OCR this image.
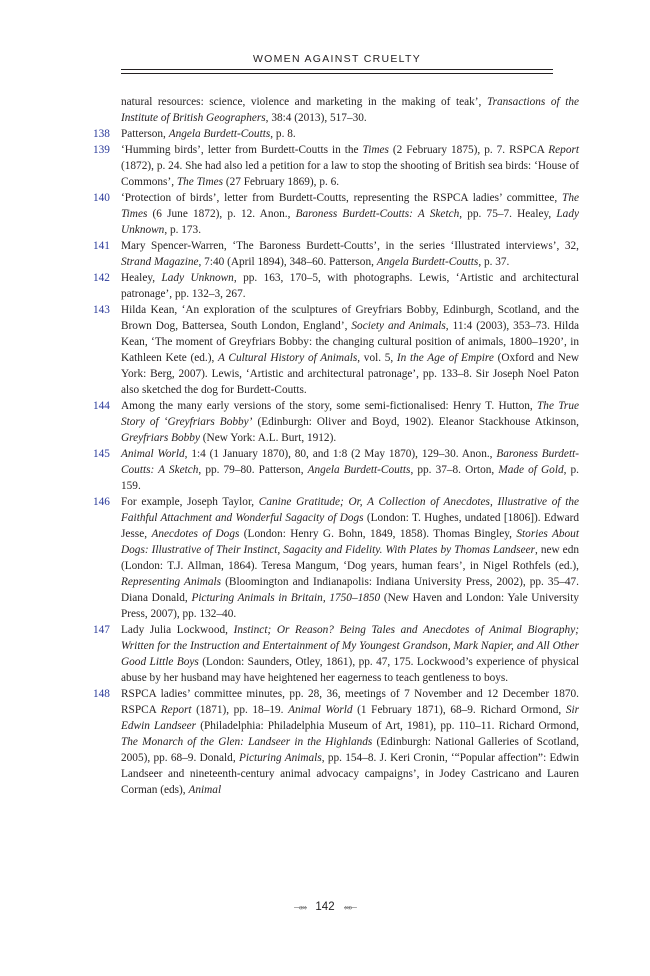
WOMEN AGAINST CRUELTY
natural resources: science, violence and marketing in the making of teak’, Transactions of the Institute of British Geographers, 38:4 (2013), 517–30.
138 Patterson, Angela Burdett-Coutts, p. 8.
139 ‘Humming birds’, letter from Burdett-Coutts in the Times (2 February 1875), p. 7. RSPCA Report (1872), p. 24. She had also led a petition for a law to stop the shooting of British sea birds: ‘House of Commons’, The Times (27 February 1869), p. 6.
140 ‘Protection of birds’, letter from Burdett-Coutts, representing the RSPCA ladies’ committee, The Times (6 June 1872), p. 12. Anon., Baroness Burdett-Coutts: A Sketch, pp. 75–7. Healey, Lady Unknown, p. 173.
141 Mary Spencer-Warren, ‘The Baroness Burdett-Coutts’, in the series ‘Illustrated interviews’, 32, Strand Magazine, 7:40 (April 1894), 348–60. Patterson, Angela Burdett-Coutts, p. 37.
142 Healey, Lady Unknown, pp. 163, 170–5, with photographs. Lewis, ‘Artistic and architectural patronage’, pp. 132–3, 267.
143 Hilda Kean, ‘An exploration of the sculptures of Greyfriars Bobby, Edinburgh, Scotland, and the Brown Dog, Battersea, South London, England’, Society and Animals, 11:4 (2003), 353–73. Hilda Kean, ‘The moment of Greyfriars Bobby: the changing cultural position of animals, 1800–1920’, in Kathleen Kete (ed.), A Cultural History of Animals, vol. 5, In the Age of Empire (Oxford and New York: Berg, 2007). Lewis, ‘Artistic and architectural patronage’, pp. 133–8. Sir Joseph Noel Paton also sketched the dog for Burdett-Coutts.
144 Among the many early versions of the story, some semi-fictionalised: Henry T. Hutton, The True Story of ‘Greyfriars Bobby’ (Edinburgh: Oliver and Boyd, 1902). Eleanor Stackhouse Atkinson, Greyfriars Bobby (New York: A.L. Burt, 1912).
145 Animal World, 1:4 (1 January 1870), 80, and 1:8 (2 May 1870), 129–30. Anon., Baroness Burdett-Coutts: A Sketch, pp. 79–80. Patterson, Angela Burdett-Coutts, pp. 37–8. Orton, Made of Gold, p. 159.
146 For example, Joseph Taylor, Canine Gratitude; Or, A Collection of Anecdotes, Illustrative of the Faithful Attachment and Wonderful Sagacity of Dogs (London: T. Hughes, undated [1806]). Edward Jesse, Anecdotes of Dogs (London: Henry G. Bohn, 1849, 1858). Thomas Bingley, Stories About Dogs: Illustrative of Their Instinct, Sagacity and Fidelity. With Plates by Thomas Landseer, new edn (London: T.J. Allman, 1864). Teresa Mangum, ‘Dog years, human fears’, in Nigel Rothfels (ed.), Representing Animals (Bloomington and Indianapolis: Indiana University Press, 2002), pp. 35–47. Diana Donald, Picturing Animals in Britain, 1750–1850 (New Haven and London: Yale University Press, 2007), pp. 132–40.
147 Lady Julia Lockwood, Instinct; Or Reason? Being Tales and Anecdotes of Animal Biography; Written for the Instruction and Entertainment of My Youngest Grandson, Mark Napier, and All Other Good Little Boys (London: Saunders, Otley, 1861), pp. 47, 175. Lockwood’s experience of physical abuse by her husband may have heightened her eagerness to teach gentleness to boys.
148 RSPCA ladies’ committee minutes, pp. 28, 36, meetings of 7 November and 12 December 1870. RSPCA Report (1871), pp. 18–19. Animal World (1 February 1871), 68–9. Richard Ormond, Sir Edwin Landseer (Philadelphia: Philadelphia Museum of Art, 1981), pp. 110–11. Richard Ormond, The Monarch of the Glen: Landseer in the Highlands (Edinburgh: National Galleries of Scotland, 2005), pp. 68–9. Donald, Picturing Animals, pp. 154–8. J. Keri Cronin, ‘“Popular affection”: Edwin Landseer and nineteenth-century animal advocacy campaigns’, in Jodey Castricano and Lauren Corman (eds), Animal
⤙⥈ 142 ⥈⤚
